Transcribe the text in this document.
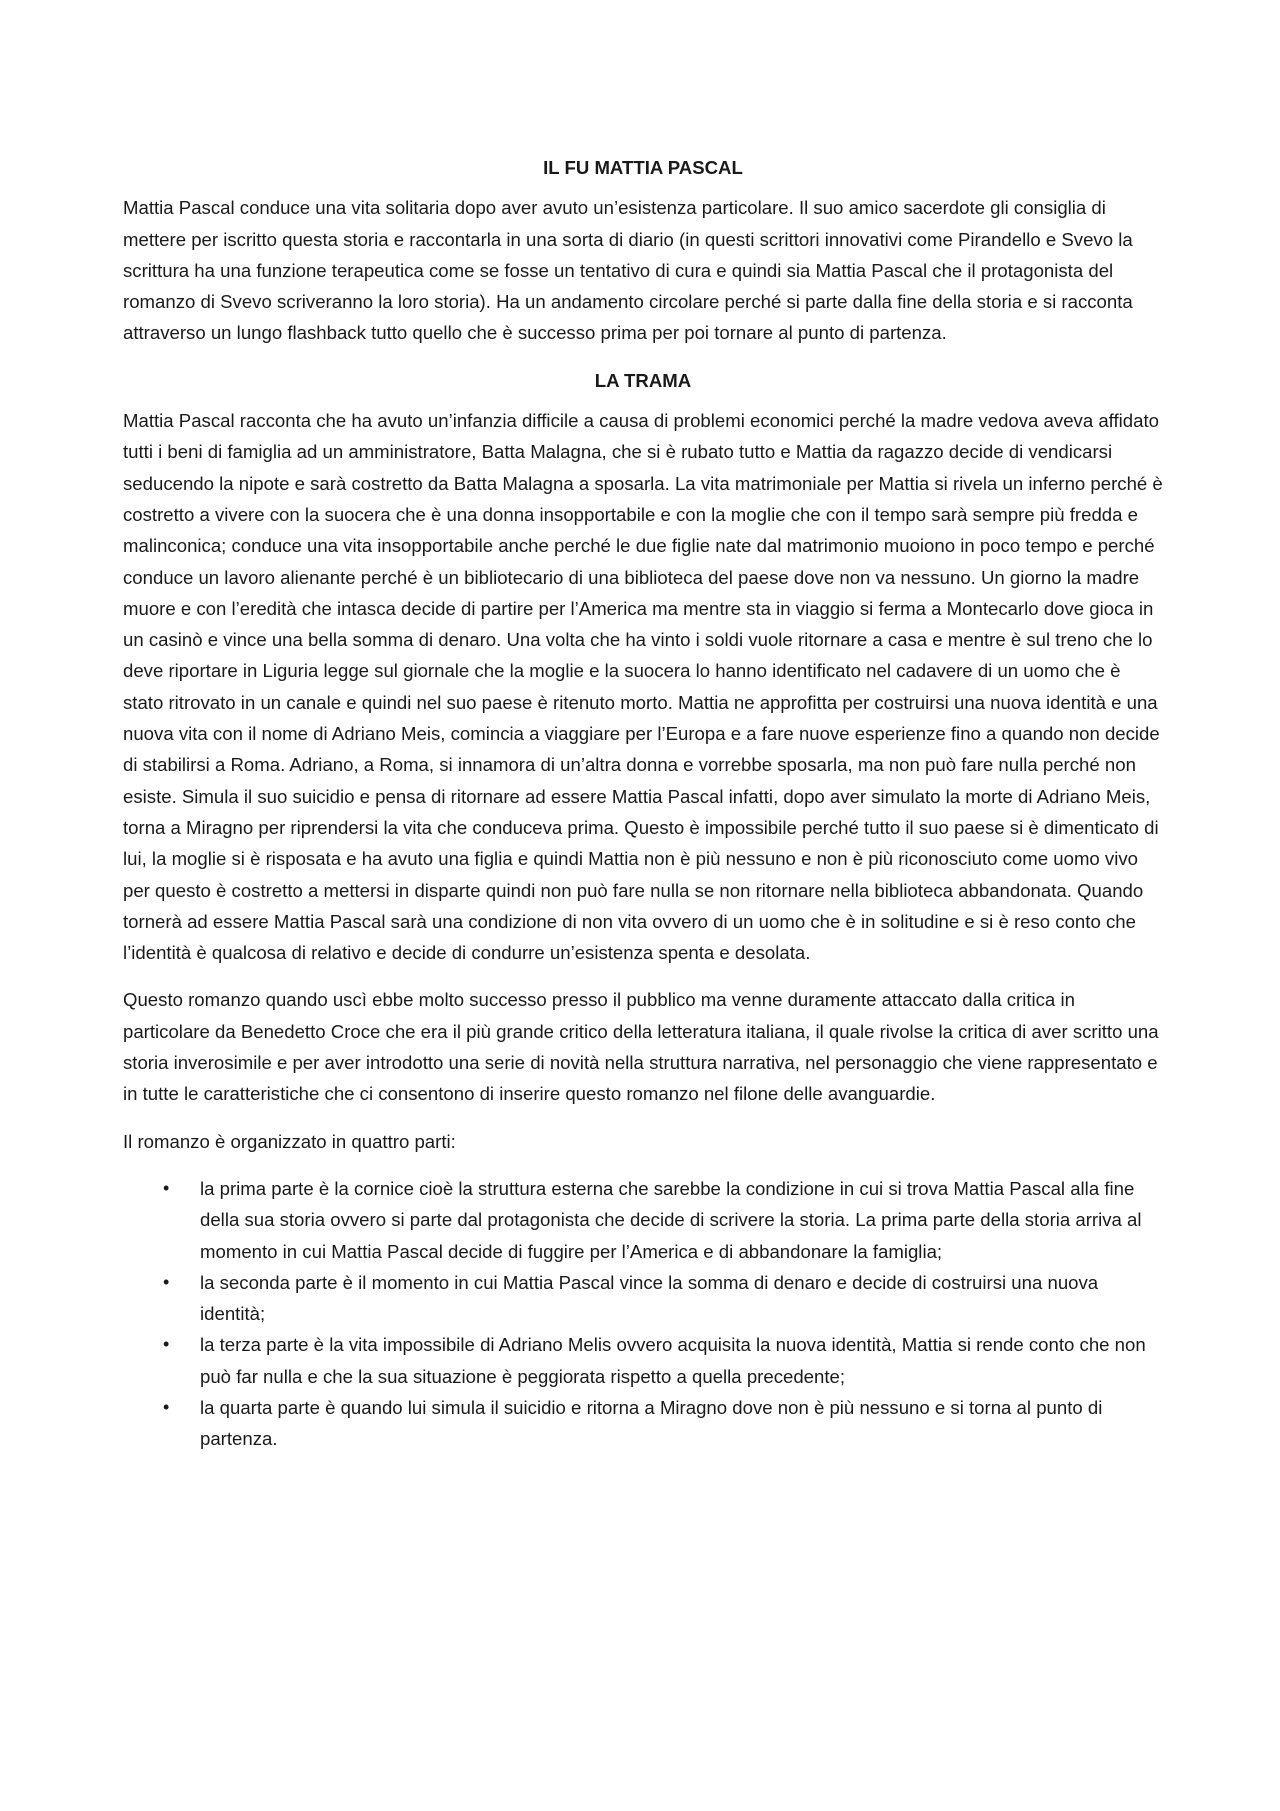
IL FU MATTIA PASCAL

Mattia Pascal conduce una vita solitaria dopo aver avuto un’esistenza particolare. Il suo amico sacerdote gli consiglia di mettere per iscritto questa storia e raccontarla in una sorta di diario (in questi scrittori innovativi come Pirandello e Svevo la scrittura ha una funzione terapeutica come se fosse un tentativo di cura e quindi sia Mattia Pascal che il protagonista del romanzo di Svevo scriveranno la loro storia). Ha un andamento circolare perché si parte dalla fine della storia e si racconta attraverso un lungo flashback tutto quello che è successo prima per poi tornare al punto di partenza.

LA TRAMA

Mattia Pascal racconta che ha avuto un’infanzia difficile a causa di problemi economici perché la madre vedova aveva affidato tutti i beni di famiglia ad un amministratore, Batta Malagna, che si è rubato tutto e Mattia da ragazzo decide di vendicarsi seducendo la nipote e sarà costretto da Batta Malagna a sposarla. La vita matrimoniale per Mattia si rivela un inferno perché è costretto a vivere con la suocera che è una donna insopportabile e con la moglie che con il tempo sarà sempre più fredda e malinconica; conduce una vita insopportabile anche perché le due figlie nate dal matrimonio muoiono in poco tempo e perché conduce un lavoro alienante perché è un bibliotecario di una biblioteca del paese dove non va nessuno. Un giorno la madre muore e con l’eredità che intasca decide di partire per l’America ma mentre sta in viaggio si ferma a Montecarlo dove gioca in un casinò e vince una bella somma di denaro. Una volta che ha vinto i soldi vuole ritornare a casa e mentre è sul treno che lo deve riportare in Liguria legge sul giornale che la moglie e la suocera lo hanno identificato nel cadavere di un uomo che è stato ritrovato in un canale e quindi nel suo paese è ritenuto morto. Mattia ne approfitta per costruirsi una nuova identità e una nuova vita con il nome di Adriano Meis, comincia a viaggiare per l’Europa e a fare nuove esperienze fino a quando non decide di stabilirsi a Roma. Adriano, a Roma, si innamora di un’altra donna e vorrebbe sposarla, ma non può fare nulla perché non esiste. Simula il suo suicidio e pensa di ritornare ad essere Mattia Pascal infatti, dopo aver simulato la morte di Adriano Meis, torna a Miragno per riprendersi la vita che conduceva prima. Questo è impossibile perché tutto il suo paese si è dimenticato di lui, la moglie si è risposata e ha avuto una figlia e quindi Mattia non è più nessuno e non è più riconosciuto come uomo vivo per questo è costretto a mettersi in disparte quindi non può fare nulla se non ritornare nella biblioteca abbandonata. Quando tornerà ad essere Mattia Pascal sarà una condizione di non vita ovvero di un uomo che è in solitudine e si è reso conto che l’identità è qualcosa di relativo e decide di condurre un’esistenza spenta e desolata.

Questo romanzo quando uscì ebbe molto successo presso il pubblico ma venne duramente attaccato dalla critica in particolare da Benedetto Croce che era il più grande critico della letteratura italiana, il quale rivolse la critica di aver scritto una storia inverosimile e per aver introdotto una serie di novità nella struttura narrativa, nel personaggio che viene rappresentato e in tutte le caratteristiche che ci consentono di inserire questo romanzo nel filone delle avanguardie.

Il romanzo è organizzato in quattro parti:

• la prima parte è la cornice cioè la struttura esterna che sarebbe la condizione in cui si trova Mattia Pascal alla fine della sua storia ovvero si parte dal protagonista che decide di scrivere la storia. La prima parte della storia arriva al momento in cui Mattia Pascal decide di fuggire per l’America e di abbandonare la famiglia;
• la seconda parte è il momento in cui Mattia Pascal vince la somma di denaro e decide di costruirsi una nuova identità;
• la terza parte è la vita impossibile di Adriano Melis ovvero acquisita la nuova identità, Mattia si rende conto che non può far nulla e che la sua situazione è peggiorata rispetto a quella precedente;
• la quarta parte è quando lui simula il suicidio e ritorna a Miragno dove non è più nessuno e si torna al punto di partenza.
